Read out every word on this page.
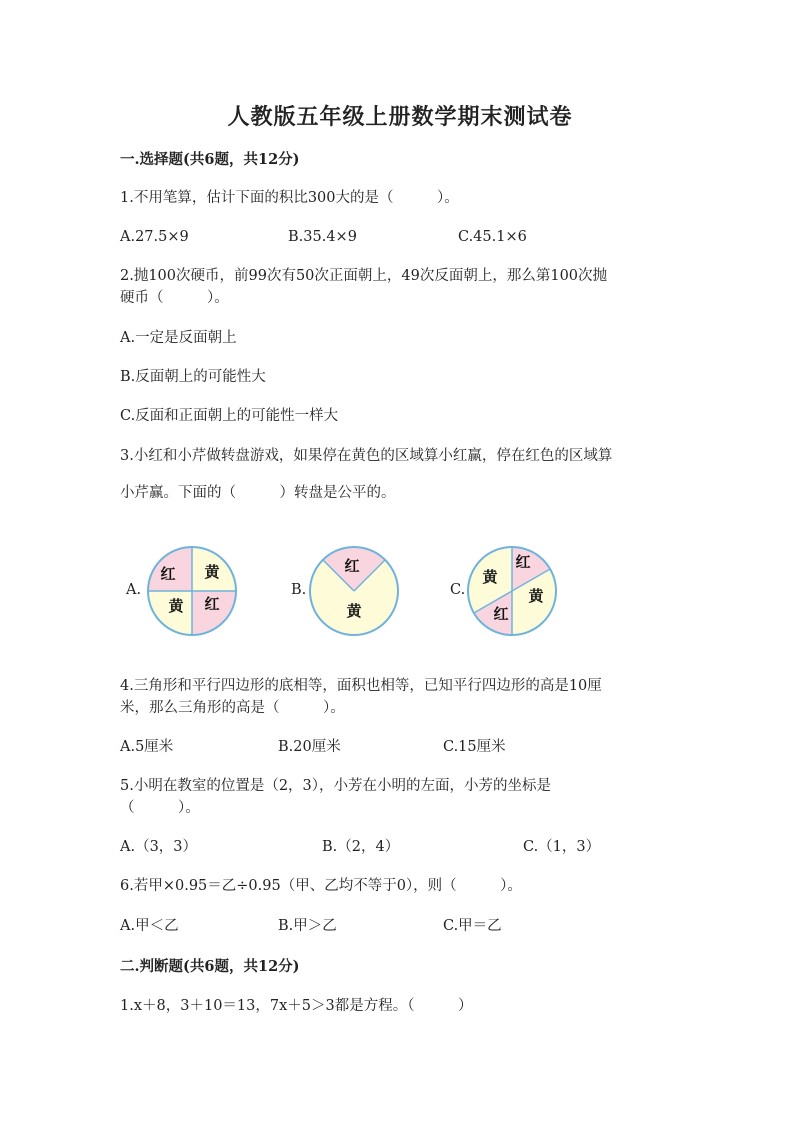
人教版五年级上册数学期末测试卷
一.选择题(共6题，共12分)
1.不用笔算，估计下面的积比300大的是（　　　）。
A.27.5×9	B.35.4×9	C.45.1×6
2.抛100次硬币，前99次有50次正面朝上，49次反面朝上，那么第100次抛
硬币（　　　）。
A.一定是反面朝上
B.反面朝上的可能性大
C.反面和正面朝上的可能性一样大
3.小红和小芹做转盘游戏，如果停在黄色的区域算小红赢，停在红色的区域算
小芹赢。下面的（　　　）转盘是公平的。
A.
红 黄
黄 红
B.
红
黄
C.
红
黄
黄
红
4.三角形和平行四边形的底相等，面积也相等，已知平行四边形的高是10厘
米，那么三角形的高是（　　　）。
A.5厘米	B.20厘米	C.15厘米
5.小明在教室的位置是（2，3），小芳在小明的左面，小芳的坐标是
（　　　）。
A.（3，3）	B.（2，4）	C.（1，3）
6.若甲×0.95＝乙÷0.95（甲、乙均不等于0），则（　　　）。
A.甲＜乙	B.甲＞乙	C.甲＝乙
二.判断题(共6题，共12分)
1.x＋8，3＋10＝13，7x＋5＞3都是方程。（　　　）
